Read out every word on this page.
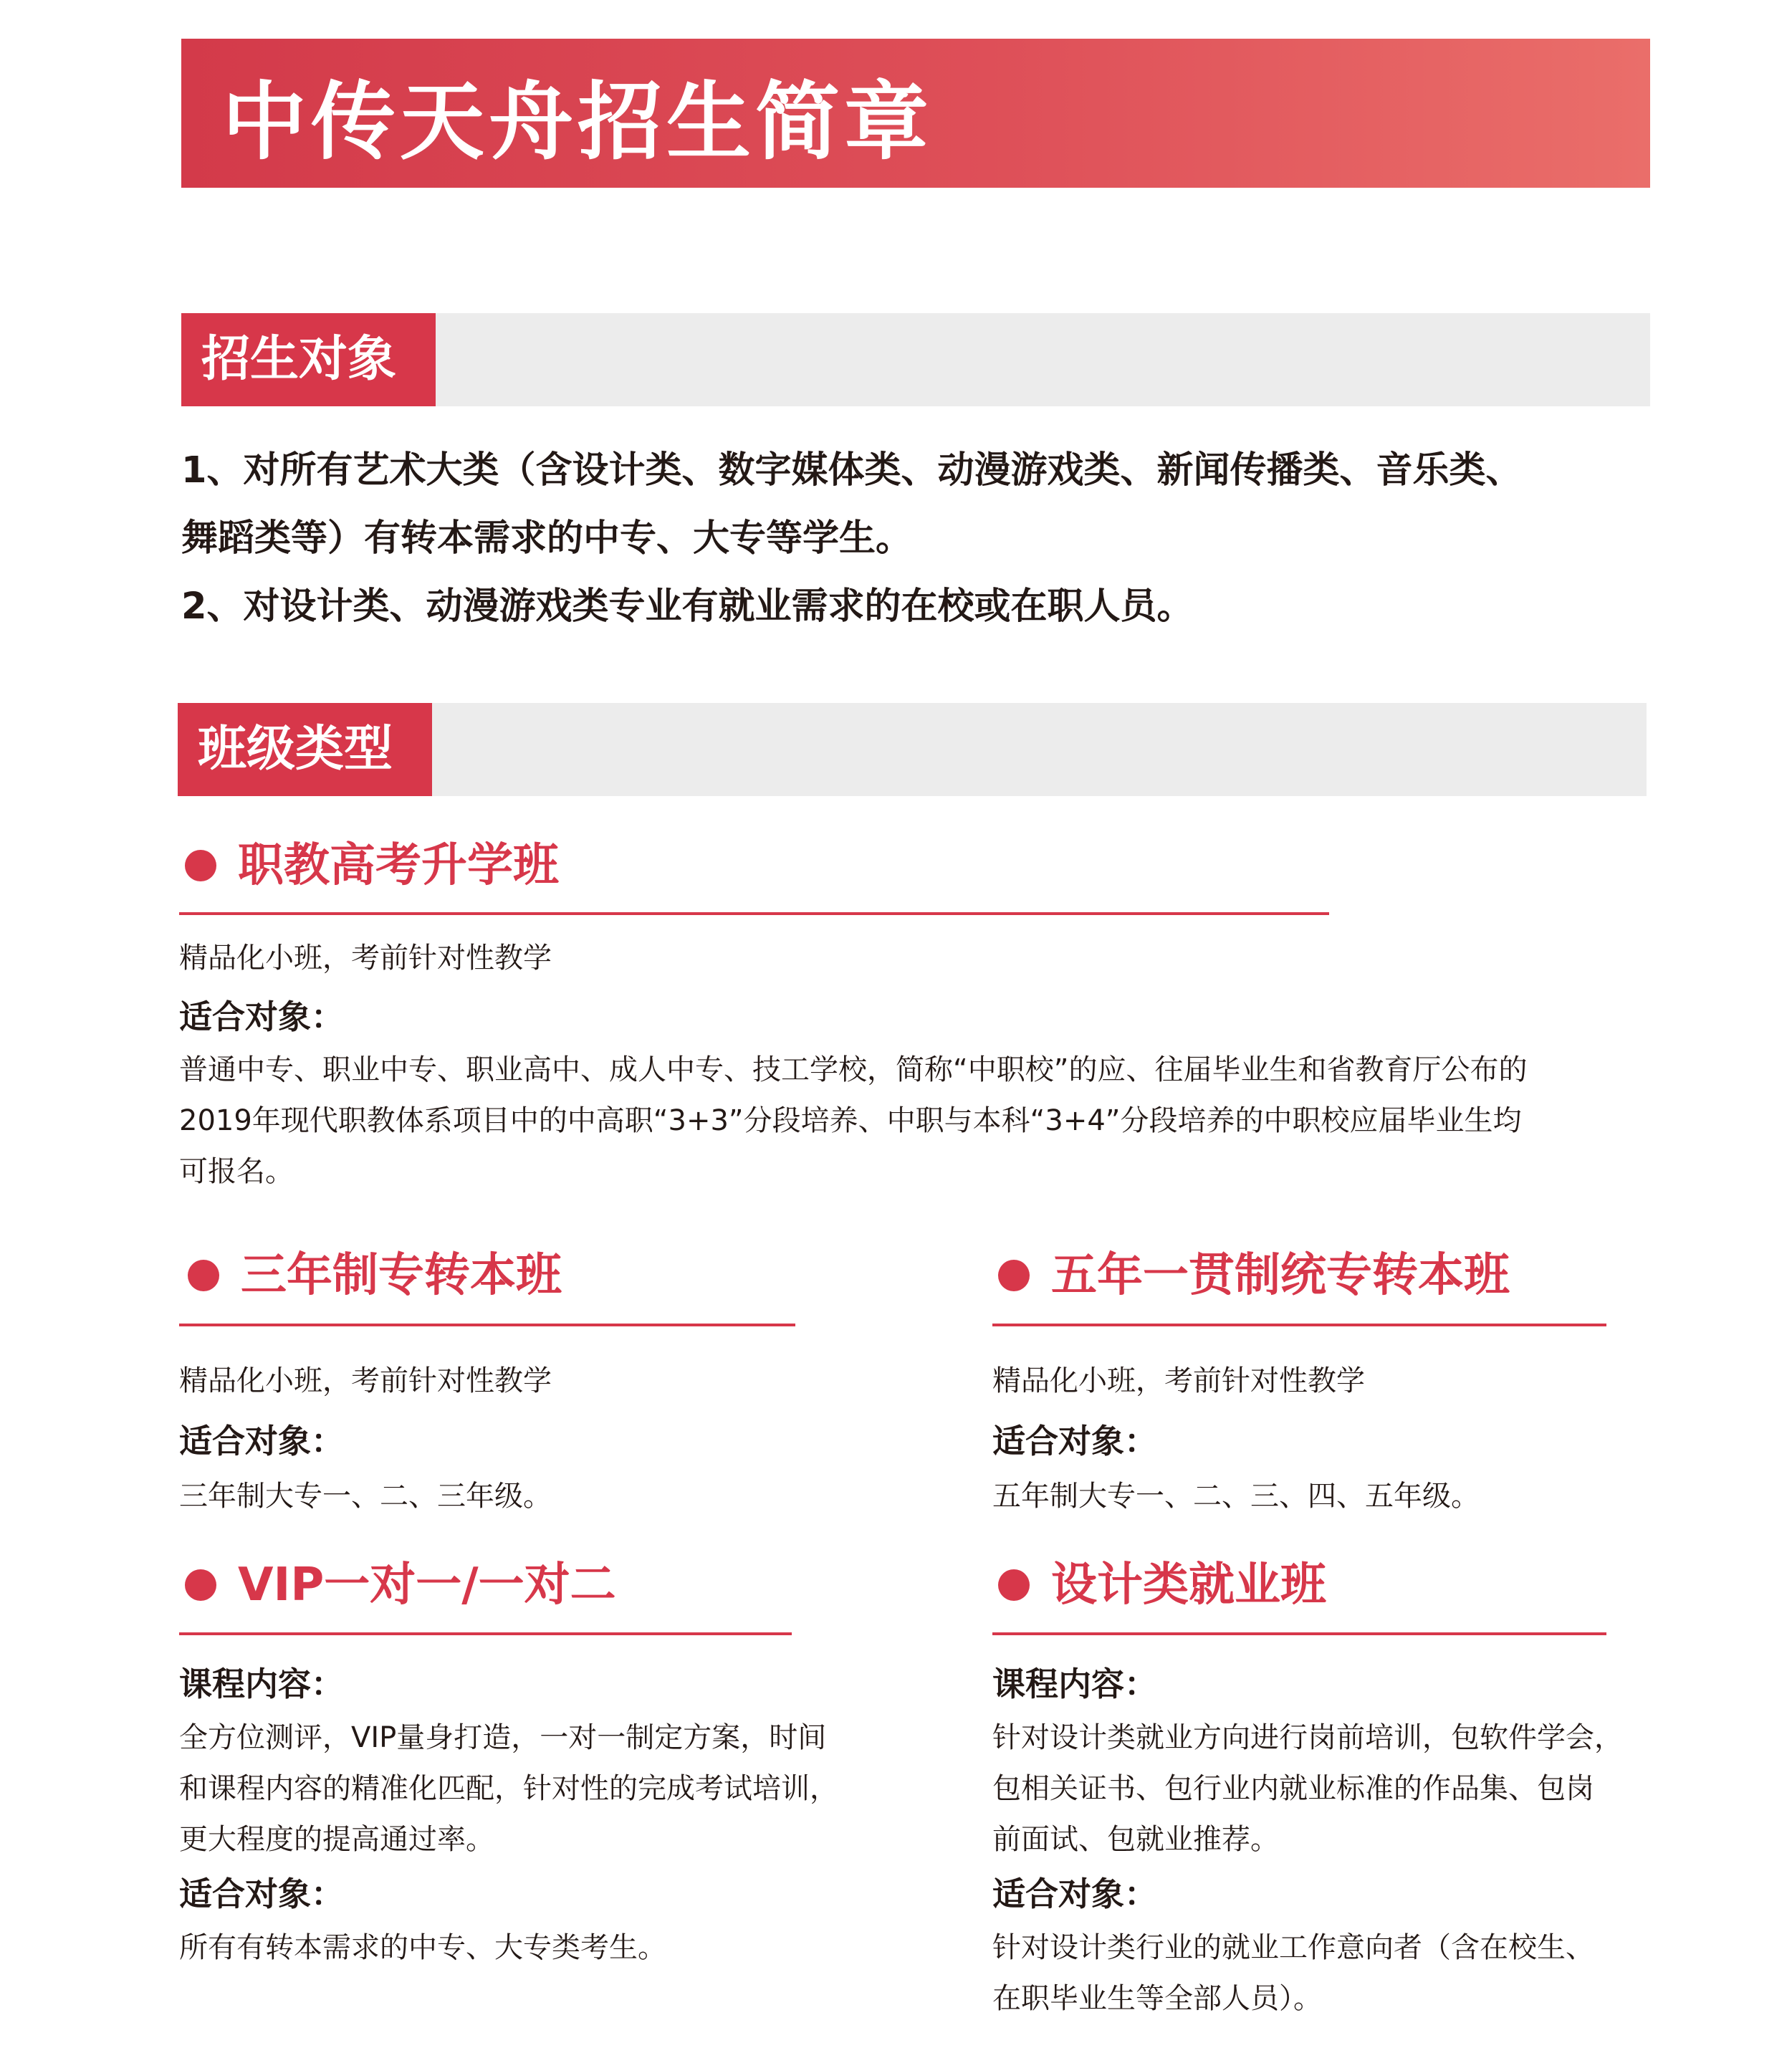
中传天舟招生简章
招生对象
1、对所有艺术大类（含设计类、数字媒体类、动漫游戏类、新闻传播类、音乐类、
舞蹈类等）有转本需求的中专、大专等学生。
2、对设计类、动漫游戏类专业有就业需求的在校或在职人员。
班级类型
职教高考升学班
精品化小班，考前针对性教学
适合对象：
普通中专、职业中专、职业高中、成人中专、技工学校，简称“中职校”的应、往届毕业生和省教育厅公布的
2019年现代职教体系项目中的中高职“3+3”分段培养、中职与本科“3+4”分段培养的中职校应届毕业生均
可报名。
三年制专转本班
精品化小班，考前针对性教学
适合对象：
三年制大专一、二、三年级。
五年一贯制统专转本班
精品化小班，考前针对性教学
适合对象：
五年制大专一、二、三、四、五年级。
VIP一对一/一对二
课程内容：
全方位测评，VIP量身打造，一对一制定方案，时间
和课程内容的精准化匹配，针对性的完成考试培训，
更大程度的提高通过率。
适合对象：
所有有转本需求的中专、大专类考生。
设计类就业班
课程内容：
针对设计类就业方向进行岗前培训，包软件学会，
包相关证书、包行业内就业标准的作品集、包岗
前面试、包就业推荐。
适合对象：
针对设计类行业的就业工作意向者（含在校生、
在职毕业生等全部人员）。
